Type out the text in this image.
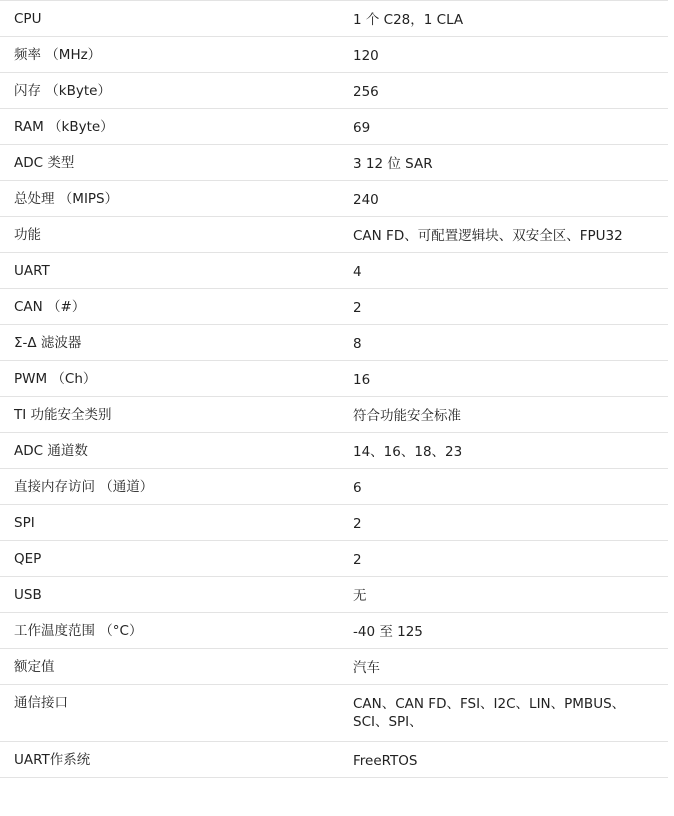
CPU	1 个 C28，1 CLA
频率 （MHz）	120
闪存 （kByte）	256
RAM （kByte）	69
ADC 类型	3 12 位 SAR
总处理 （MIPS）	240
功能	CAN FD、可配置逻辑块、双安全区、FPU32
UART	4
CAN （#）	2
Σ-Δ 滤波器	8
PWM （Ch）	16
TI 功能安全类别	符合功能安全标准
ADC 通道数	14、16、18、23
直接内存访问 （通道）	6
SPI	2
QEP	2
USB	无
工作温度范围 （°C）	-40 至 125
额定值	汽车
通信接口	CAN、CAN FD、FSI、I2C、LIN、PMBUS、SCI、SPI、
UART作系统	FreeRTOS
